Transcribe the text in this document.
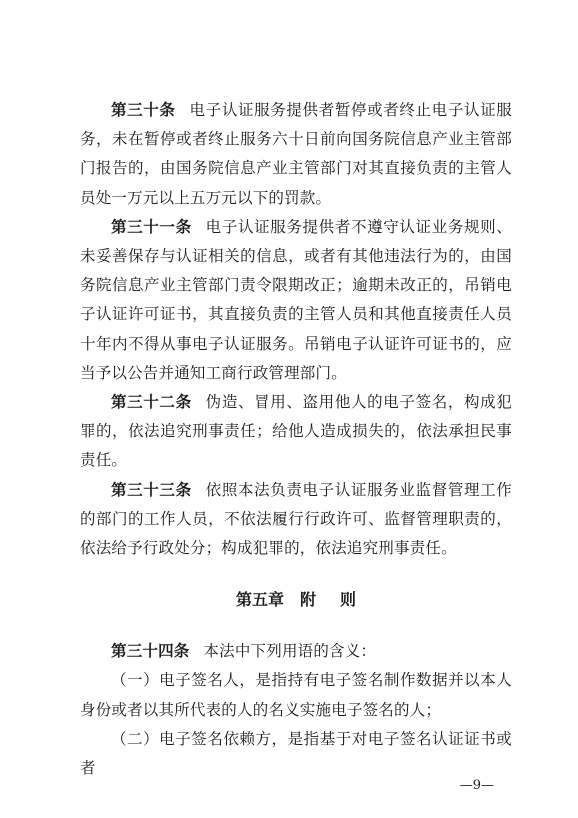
第三十条 电子认证服务提供者暂停或者终止电子认证服务，未在暂停或者终止服务六十日前向国务院信息产业主管部门报告的，由国务院信息产业主管部门对其直接负责的主管人员处一万元以上五万元以下的罚款。

第三十一条 电子认证服务提供者不遵守认证业务规则、未妥善保存与认证相关的信息，或者有其他违法行为的，由国务院信息产业主管部门责令限期改正；逾期未改正的，吊销电子认证许可证书，其直接负责的主管人员和其他直接责任人员十年内不得从事电子认证服务。吊销电子认证许可证书的，应当予以公告并通知工商行政管理部门。

第三十二条 伪造、冒用、盗用他人的电子签名，构成犯罪的，依法追究刑事责任；给他人造成损失的，依法承担民事责任。

第三十三条 依照本法负责电子认证服务业监督管理工作的部门的工作人员，不依法履行行政许可、监督管理职责的，依法给予行政处分；构成犯罪的，依法追究刑事责任。

第五章 附 则

第三十四条 本法中下列用语的含义：

（一）电子签名人，是指持有电子签名制作数据并以本人身份或者以其所代表的人的名义实施电子签名的人；

（二）电子签名依赖方，是指基于对电子签名认证证书或者

—9—
